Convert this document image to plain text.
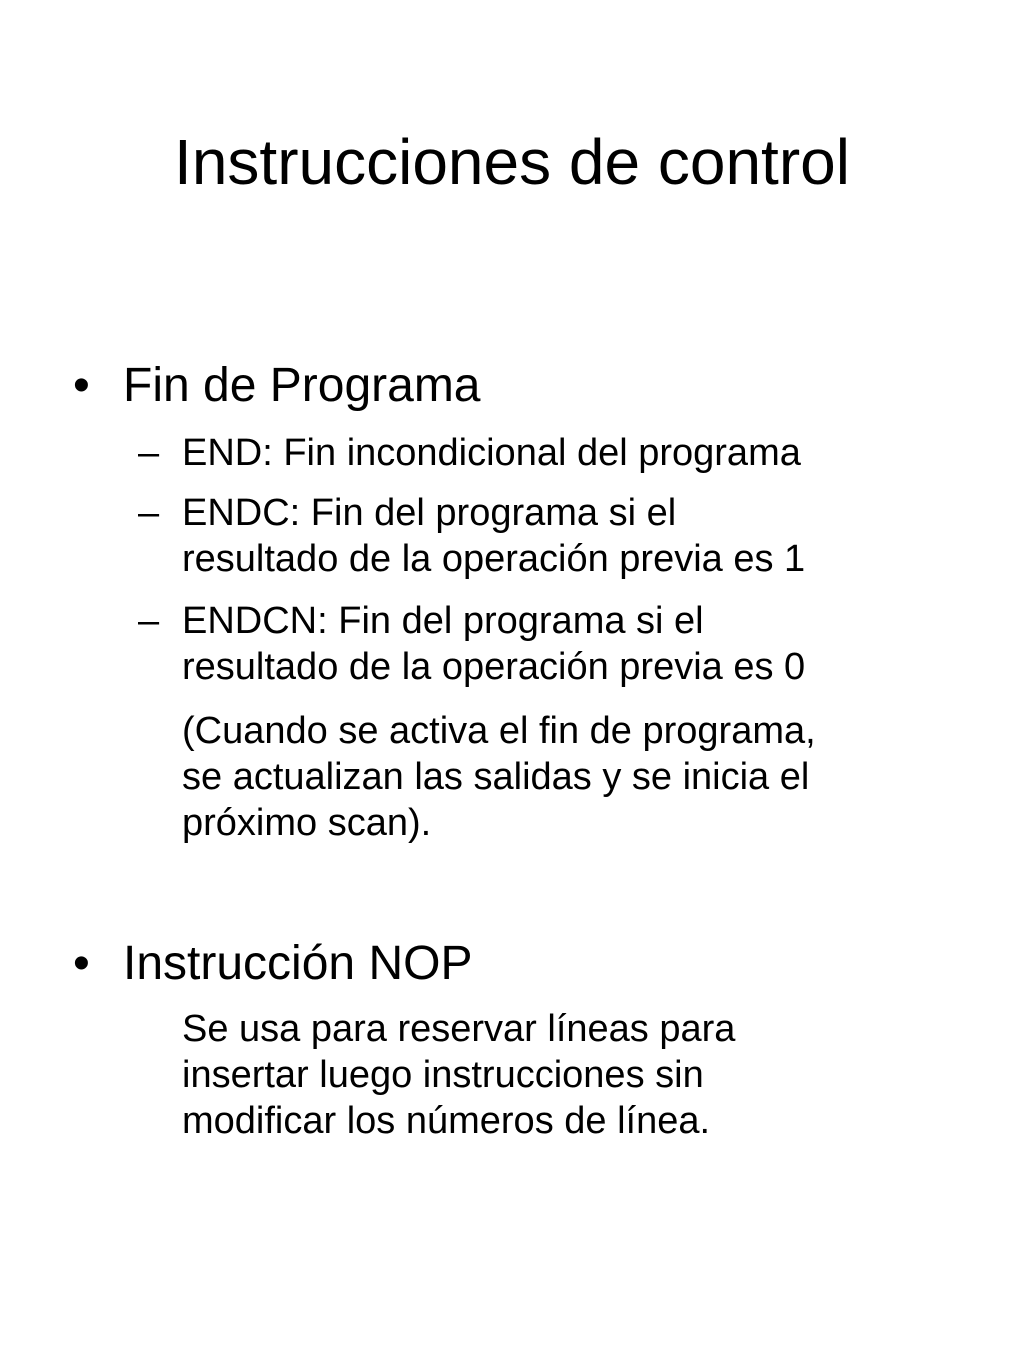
Instrucciones de control
• Fin de Programa
– END: Fin incondicional del programa
– ENDC: Fin del programa si el
resultado de la operación previa es 1
– ENDCN: Fin del programa si el
resultado de la operación previa es 0
(Cuando se activa el fin de programa,
se actualizan las salidas y se inicia el
próximo scan).
• Instrucción NOP
Se usa para reservar líneas para
insertar luego instrucciones sin
modificar los números de línea.
